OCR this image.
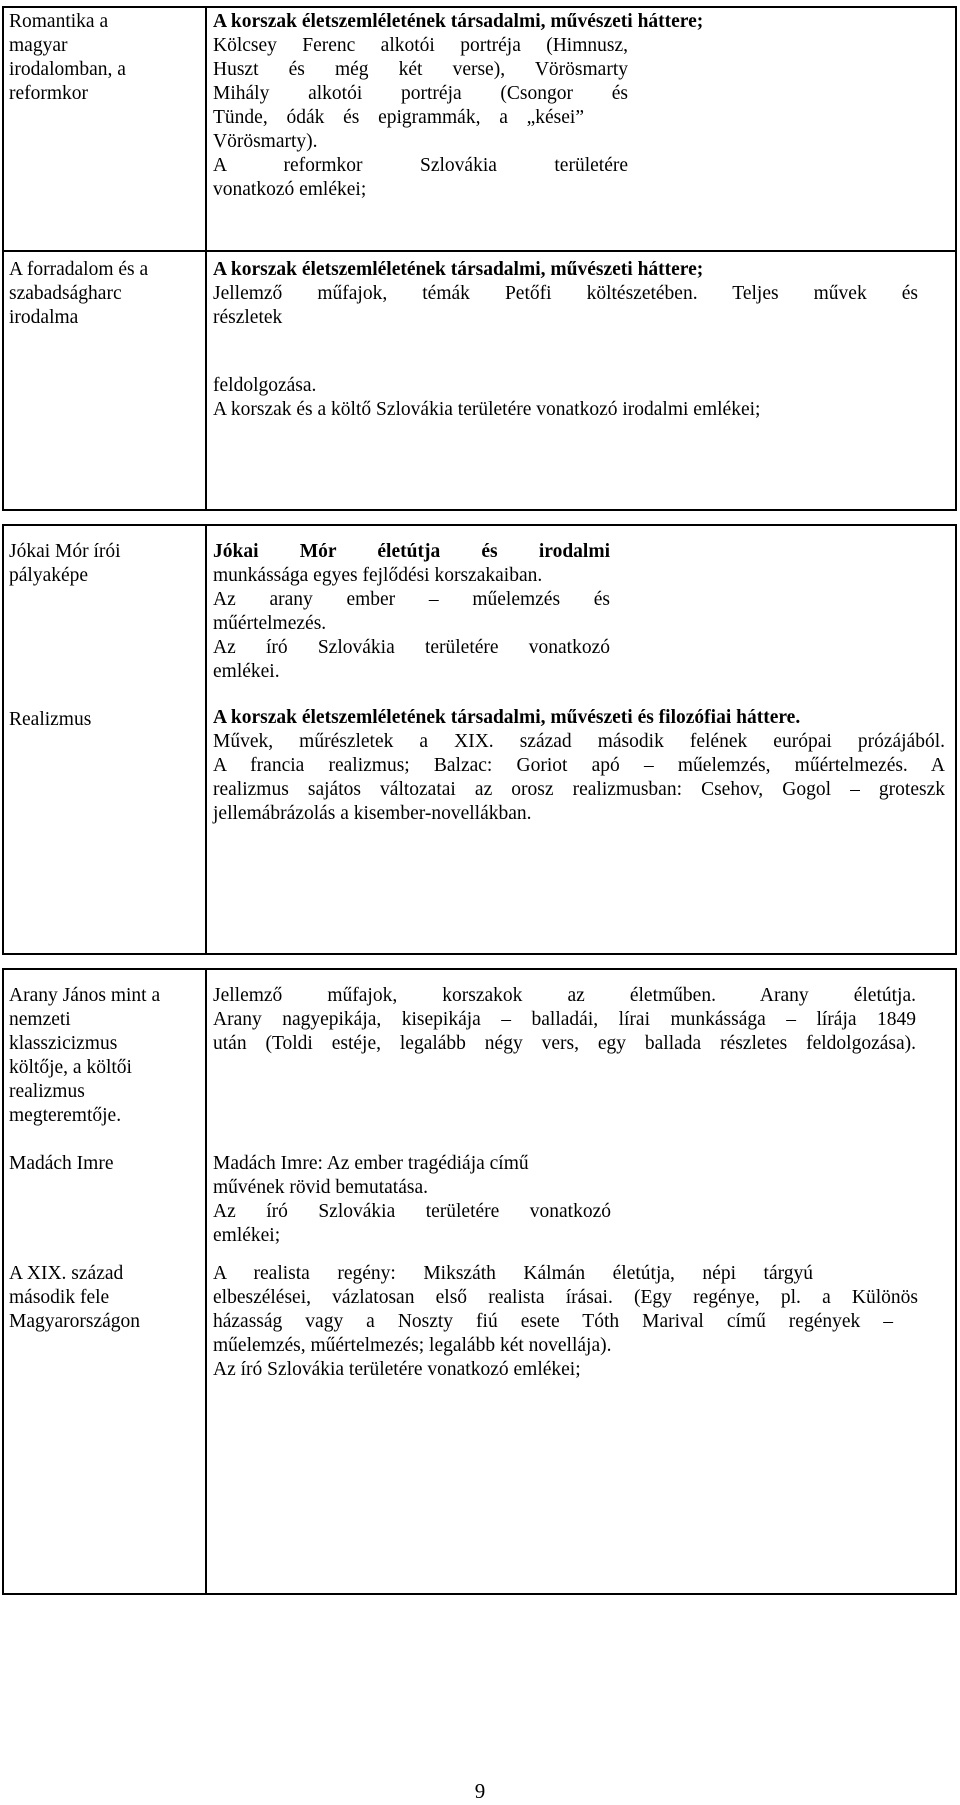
Romantika a
magyar
irodalomban, a
reformkor
A korszak életszemléletének társadalmi, művészeti háttere;
Kölcsey Ferenc alkotói portréja (Himnusz,
Huszt és még két verse), Vörösmarty
Mihály alkotói portréja (Csongor és
Tünde, ódák és epigrammák, a „kései”
Vörösmarty).
A reformkor Szlovákia területére
vonatkozó emlékei;
A forradalom és a
szabadságharc
irodalma
A korszak életszemléletének társadalmi, művészeti háttere;
Jellemző műfajok, témák Petőfi költészetében. Teljes művek és
részletek
feldolgozása.
A korszak és a költő Szlovákia területére vonatkozó irodalmi emlékei;
Jókai Mór írói
pályaképe
Jókai Mór életútja és irodalmi
munkássága egyes fejlődési korszakaiban.
Az arany ember – műelemzés és
műértelmezés.
Az író Szlovákia területére vonatkozó
emlékei.
Realizmus	A korszak életszemléletének társadalmi, művészeti és filozófiai háttere.
Művek, műrészletek a XIX. század második felének európai prózájából.
A francia realizmus; Balzac: Goriot apó – műelemzés, műértelmezés. A
realizmus sajátos változatai az orosz realizmusban: Csehov, Gogol – groteszk
jellemábrázolás a kisember-novellákban.
Arany János mint a
nemzeti
klasszicizmus
költője, a költői
realizmus
megteremtője.
Jellemző műfajok, korszakok az életműben. Arany életútja.
Arany nagyepikája, kisepikája – balladái, lírai munkássága – lírája 1849
után (Toldi estéje, legalább négy vers, egy ballada részletes feldolgozása).
Madách Imre	Madách Imre: Az ember tragédiája című
művének rövid bemutatása.
Az író Szlovákia területére vonatkozó
emlékei;
A XIX. század
második fele
Magyarországon
A realista regény: Mikszáth Kálmán életútja, népi tárgyú
elbeszélései, vázlatosan első realista írásai. (Egy regénye, pl. a Különös
házasság vagy a Noszty fiú esete Tóth Marival című regények –
műelemzés, műértelmezés; legalább két novellája).
Az író Szlovákia területére vonatkozó emlékei;
9
